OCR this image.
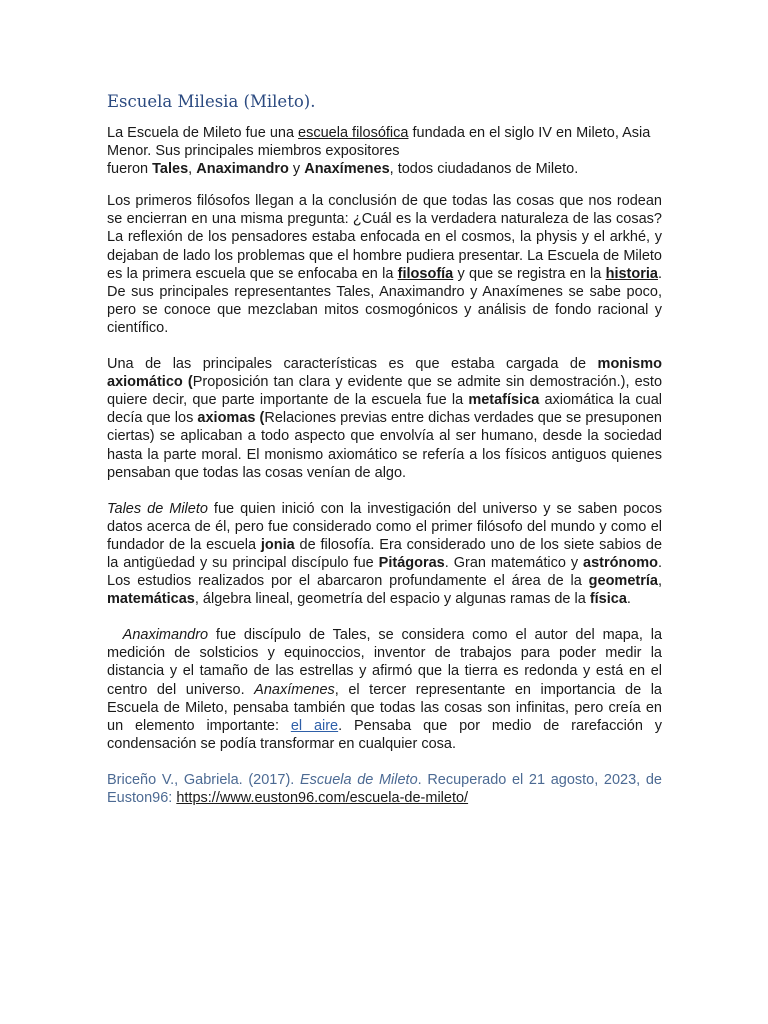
Escuela Milesia (Mileto).

La Escuela de Mileto fue una escuela filosófica fundada en el siglo IV en Mileto, Asia Menor. Sus principales miembros expositores
fueron Tales, Anaximandro y Anaxímenes, todos ciudadanos de Mileto.

Los primeros filósofos llegan a la conclusión de que todas las cosas que nos rodean se encierran en una misma pregunta: ¿Cuál es la verdadera naturaleza de las cosas? La reflexión de los pensadores estaba enfocada en el cosmos, la physis y el arkhé, y dejaban de lado los problemas que el hombre pudiera presentar. La Escuela de Mileto es la primera escuela que se enfocaba en la filosofía y que se registra en la historia. De sus principales representantes Tales, Anaximandro y Anaxímenes se sabe poco, pero se conoce que mezclaban mitos cosmogónicos y análisis de fondo racional y científico.

Una de las principales características es que estaba cargada de monismo axiomático (Proposición tan clara y evidente que se admite sin demostración.), esto quiere decir, que parte importante de la escuela fue la metafísica axiomática la cual decía que los axiomas (Relaciones previas entre dichas verdades que se presuponen ciertas) se aplicaban a todo aspecto que envolvía al ser humano, desde la sociedad hasta la parte moral. El monismo axiomático se refería a los físicos antiguos quienes pensaban que todas las cosas venían de algo.

Tales de Mileto fue quien inició con la investigación del universo y se saben pocos datos acerca de él, pero fue considerado como el primer filósofo del mundo y como el fundador de la escuela jonia de filosofía. Era considerado uno de los siete sabios de la antigüedad y su principal discípulo fue Pitágoras. Gran matemático y astrónomo. Los estudios realizados por el abarcaron profundamente el área de la geometría, matemáticas, álgebra lineal, geometría del espacio y algunas ramas de la física.

Anaximandro fue discípulo de Tales, se considera como el autor del mapa, la medición de solsticios y equinoccios, inventor de trabajos para poder medir la distancia y el tamaño de las estrellas y afirmó que la tierra es redonda y está en el centro del universo. Anaxímenes, el tercer representante en importancia de la Escuela de Mileto, pensaba también que todas las cosas son infinitas, pero creía en un elemento importante: el aire. Pensaba que por medio de rarefacción y condensación se podía transformar en cualquier cosa.

Briceño V., Gabriela. (2017). Escuela de Mileto. Recuperado el 21 agosto, 2023, de Euston96: https://www.euston96.com/escuela-de-mileto/
